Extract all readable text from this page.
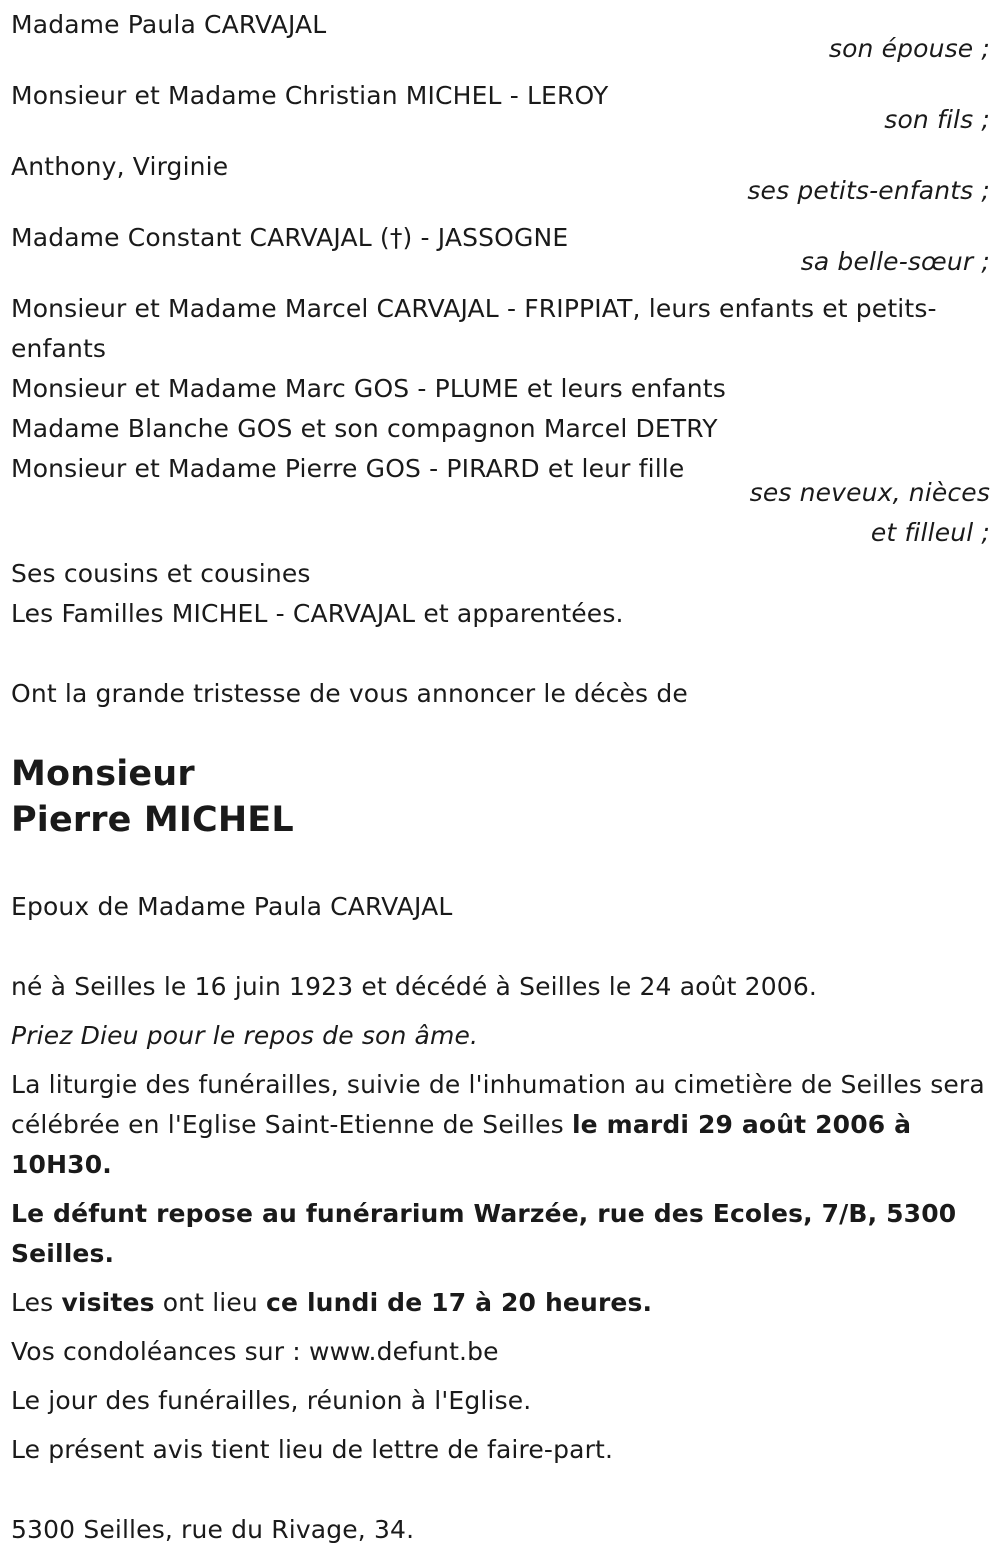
Madame Paula CARVAJAL
son épouse ;
Monsieur et Madame Christian MICHEL - LEROY
son fils ;
Anthony, Virginie
ses petits-enfants ;
Madame Constant CARVAJAL (†) - JASSOGNE
sa belle-sœur ;
Monsieur et Madame Marcel CARVAJAL - FRIPPIAT, leurs enfants et petits-enfants
Monsieur et Madame Marc GOS - PLUME et leurs enfants
Madame Blanche GOS et son compagnon Marcel DETRY
Monsieur et Madame Pierre GOS - PIRARD et leur fille
ses neveux, nièces
et filleul ;
Ses cousins et cousines
Les Familles MICHEL - CARVAJAL et apparentées.
Ont la grande tristesse de vous annoncer le décès de
Monsieur
Pierre MICHEL
Epoux de Madame Paula CARVAJAL
né à Seilles le 16 juin 1923 et décédé à Seilles le 24 août 2006.
Priez Dieu pour le repos de son âme.
La liturgie des funérailles, suivie de l'inhumation au cimetière de Seilles sera célébrée en l'Eglise Saint-Etienne de Seilles le mardi 29 août 2006 à 10H30.
Le défunt repose au funérarium Warzée, rue des Ecoles, 7/B, 5300 Seilles.
Les visites ont lieu ce lundi de 17 à 20 heures.
Vos condoléances sur : www.defunt.be
Le jour des funérailles, réunion à l'Eglise.
Le présent avis tient lieu de lettre de faire-part.
5300 Seilles, rue du Rivage, 34.
